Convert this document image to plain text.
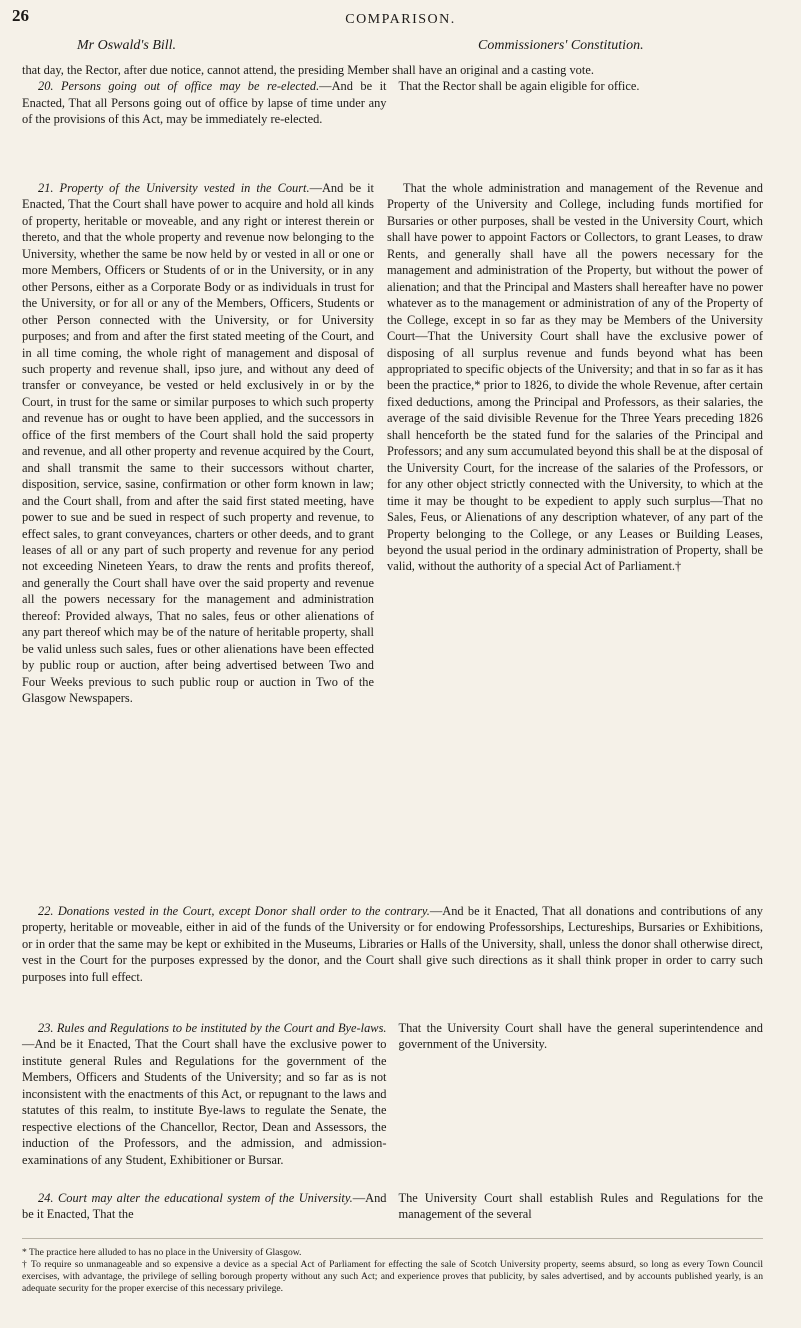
26	COMPARISON.
Mr Oswald's Bill.	Commissioners' Constitution.

that day, the Rector, after due notice, cannot attend, the presiding Member shall have an original and a casting vote.

20. Persons going out of office may be re-elected.—And be it Enacted, That all Persons going out of office by lapse of time under any of the provisions of this Act, may be immediately re-elected.

That the Rector shall be again eligible for office.

21. Property of the University vested in the Court.—And be it Enacted, That the Court shall have power to acquire and hold all kinds of property, heritable or moveable, and any right or interest therein or thereto, and that the whole property and revenue now belonging to the University, whether the same be now held by or vested in all or one or more Members, Officers or Students of or in the University, or in any other Persons, either as a Corporate Body or as individuals in trust for the University, or for all or any of the Members, Officers, Students or other Person connected with the University, or for University purposes; and from and after the first stated meeting of the Court, and in all time coming, the whole right of management and disposal of such property and revenue shall, ipso jure, and without any deed of transfer or conveyance, be vested or held exclusively in or by the Court, in trust for the same or similar purposes to which such property and revenue has or ought to have been applied, and the successors in office of the first members of the Court shall hold the said property and revenue, and all other property and revenue acquired by the Court, and shall transmit the same to their successors without charter, disposition, service, sasine, confirmation or other form known in law; and the Court shall, from and after the said first stated meeting, have power to sue and be sued in respect of such property and revenue, to effect sales, to grant conveyances, charters or other deeds, and to grant leases of all or any part of such property and revenue for any period not exceeding Nineteen Years, to draw the rents and profits thereof, and generally the Court shall have over the said property and revenue all the powers necessary for the management and administration thereof: Provided always, That no sales, feus or other alienations of any part thereof which may be of the nature of heritable property, shall be valid unless such sales, fues or other alienations have been effected by public roup or auction, after being advertised between Two and Four Weeks previous to such public roup or auction in Two of the Glasgow Newspapers.

That the whole administration and management of the Revenue and Property of the University and College, including funds mortified for Bursaries or other purposes, shall be vested in the University Court, which shall have power to appoint Factors or Collectors, to grant Leases, to draw Rents, and generally shall have all the powers necessary for the management and administration of the Property, but without the power of alienation; and that the Principal and Masters shall hereafter have no power whatever as to the management or administration of any of the Property of the College, except in so far as they may be Members of the University Court—That the University Court shall have the exclusive power of disposing of all surplus revenue and funds beyond what has been appropriated to specific objects of the University; and that in so far as it has been the practice,* prior to 1826, to divide the whole Revenue, after certain fixed deductions, among the Principal and Professors, as their salaries, the average of the said divisible Revenue for the Three Years preceding 1826 shall henceforth be the stated fund for the salaries of the Principal and Professors; and any sum accumulated beyond this shall be at the disposal of the University Court, for the increase of the salaries of the Professors, or for any other object strictly connected with the University, to which at the time it may be thought to be expedient to apply such surplus—That no Sales, Feus, or Alienations of any description whatever, of any part of the Property belonging to the College, or any Leases or Building Leases, beyond the usual period in the ordinary administration of Property, shall be valid, without the authority of a special Act of Parliament.†

22. Donations vested in the Court, except Donor shall order to the contrary.—And be it Enacted, That all donations and contributions of any property, heritable or moveable, either in aid of the funds of the University or for endowing Professorships, Lectureships, Bursaries or Exhibitions, or in order that the same may be kept or exhibited in the Museums, Libraries or Halls of the University, shall, unless the donor shall otherwise direct, vest in the Court for the purposes expressed by the donor, and the Court shall give such directions as it shall think proper in order to carry such purposes into full effect.

23. Rules and Regulations to be instituted by the Court and Bye-laws.—And be it Enacted, That the Court shall have the exclusive power to institute general Rules and Regulations for the government of the Members, Officers and Students of the University; and so far as is not inconsistent with the enactments of this Act, or repugnant to the laws and statutes of this realm, to institute Bye-laws to regulate the Senate, the respective elections of the Chancellor, Rector, Dean and Assessors, the induction of the Professors, and the admission, and admission-examinations of any Student, Exhibitioner or Bursar.

That the University Court shall have the general superintendence and government of the University.

24. Court may alter the educational system of the University.—And be it Enacted, That the

The University Court shall establish Rules and Regulations for the management of the several

* The practice here alluded to has no place in the University of Glasgow.

† To require so unmanageable and so expensive a device as a special Act of Parliament for effecting the sale of Scotch University property, seems absurd, so long as every Town Council exercises, with advantage, the privilege of selling borough property without any such Act; and experience proves that publicity, by sales advertised, and by accounts published yearly, is an adequate security for the proper exercise of this necessary privilege.
